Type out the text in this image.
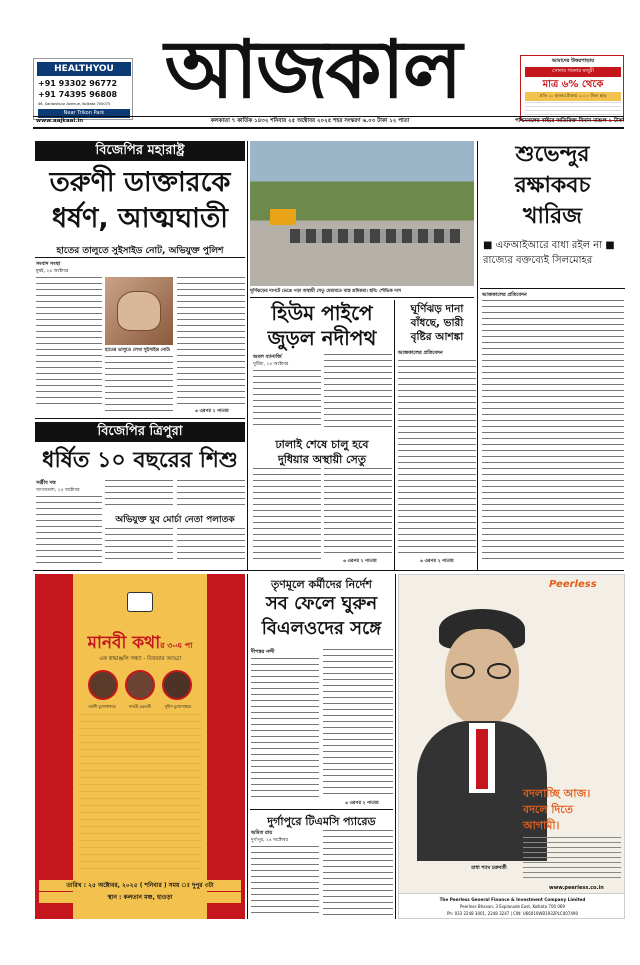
HEALTHYOU
+91 93302 96772
+91 74395 96808
46, Santoshpur Avenue, Kolkata 700075
Near Trikon Park আজকাল	আমাদের উত্তরপাড়ায়
সোনার গয়নার মজুরী
মাত্র ৬% থেকে
প্রতি ১০ হাজার টাকায় ১০০০ টাকা ছাড়
www.aajkaal.in	কলকাতা ৭ কার্তিক ১৪৩২ শনিবার ২৫ অক্টোবর ২০২৫ শহর সংস্করণ ৬.০০ টাকা ১২ পাতা	পশ্চিমবঙ্গের বাইরে অতিরিক্ত বিমান মাশুল ১ টাকা
বিজেপির মহারাষ্ট্র
তরুণী ডাক্তারকে
ধর্ষণ, আত্মঘাতী
হাতের তালুতে সুইসাইড নোট, অভিযুক্ত পুলিশ
সংবাদ সংস্থা
মুম্বই, ২৪ অক্টোবর
হাতের তালুতে লেখা সুইসাইড নোট।
৬ এরপর ২ পাতায়
ঘূর্ণিঝড়ের দাপটে ভেঙে পড়া অস্থায়ী সেতু মেরামতে ব্যস্ত শ্রমিকরা। ছবি: শৌভিক দাস
শুভেন্দুর
রক্ষাকবচ
খারিজ
■ এফআইআরে বাধা রইল না ■ রাজ্যের বক্তব্যেই সিলমোহর
আজকালের প্রতিবেদন
হিউম পাইপে
জুড়ল নদীপথ
অমল ব্যানার্জি
ঘুটিয়া, ২৪ অক্টোবর
ঢালাই শেষে চালু হবে
দুধিয়ার অস্থায়ী সেতু
৬ এরপর ২ পাতায়
ঘূর্ণিঝড় দানা
বাঁধছে, ভারী
বৃষ্টির আশঙ্কা
আজকালের প্রতিবেদন
৬ এরপর ২ পাতায়
বিজেপির ত্রিপুরা
ধর্ষিত ১০ বছরের শিশু
সঞ্জীব দত্ত
আগরতলা, ২৪ অক্টোবর
অভিযুক্ত যুব মোর্চা নেতা পলাতক
মানবী কথার ৩-এ পা
এক শ্রদ্ধাঞ্জলি সন্ধ্যা - বিজয়ার আড্ডা
সর্বাণী মুখোপাধ্যায়	শাশ্বতী চক্রবর্তী	সুদীপ মুখোপাধ্যায়
তারিখ : ২৫ অক্টোবর, ২০২৫ ( শনিবার ) সময় ঃ দুপুর ৩টা
স্থান : কলতান মঞ্চ, হাওড়া
তৃণমূলে কর্মীদের নির্দেশ
সব ফেলে ঘুরুন
বিএলওদের সঙ্গে
দীপঙ্কর নন্দী
৬ এরপর ২ পাতায়
দুর্গাপুরে টিএমসি প্যারেড
অমিত রায়
দুর্গাপুর, ২৪ অক্টোবর
Peerless
বদলাচ্ছি আজ।
বদলে দিতে
আগামী।
রাধা শ্যাম চক্রবর্তী
www.peerless.co.in
The Peerless General Finance & Investment Company Limited
Peerless Bhavan, 3 Esplanade East, Kolkata 700 069
Ph: 033 2248 3001, 2248 3247 | CIN: U66010WB1932PLC007490
